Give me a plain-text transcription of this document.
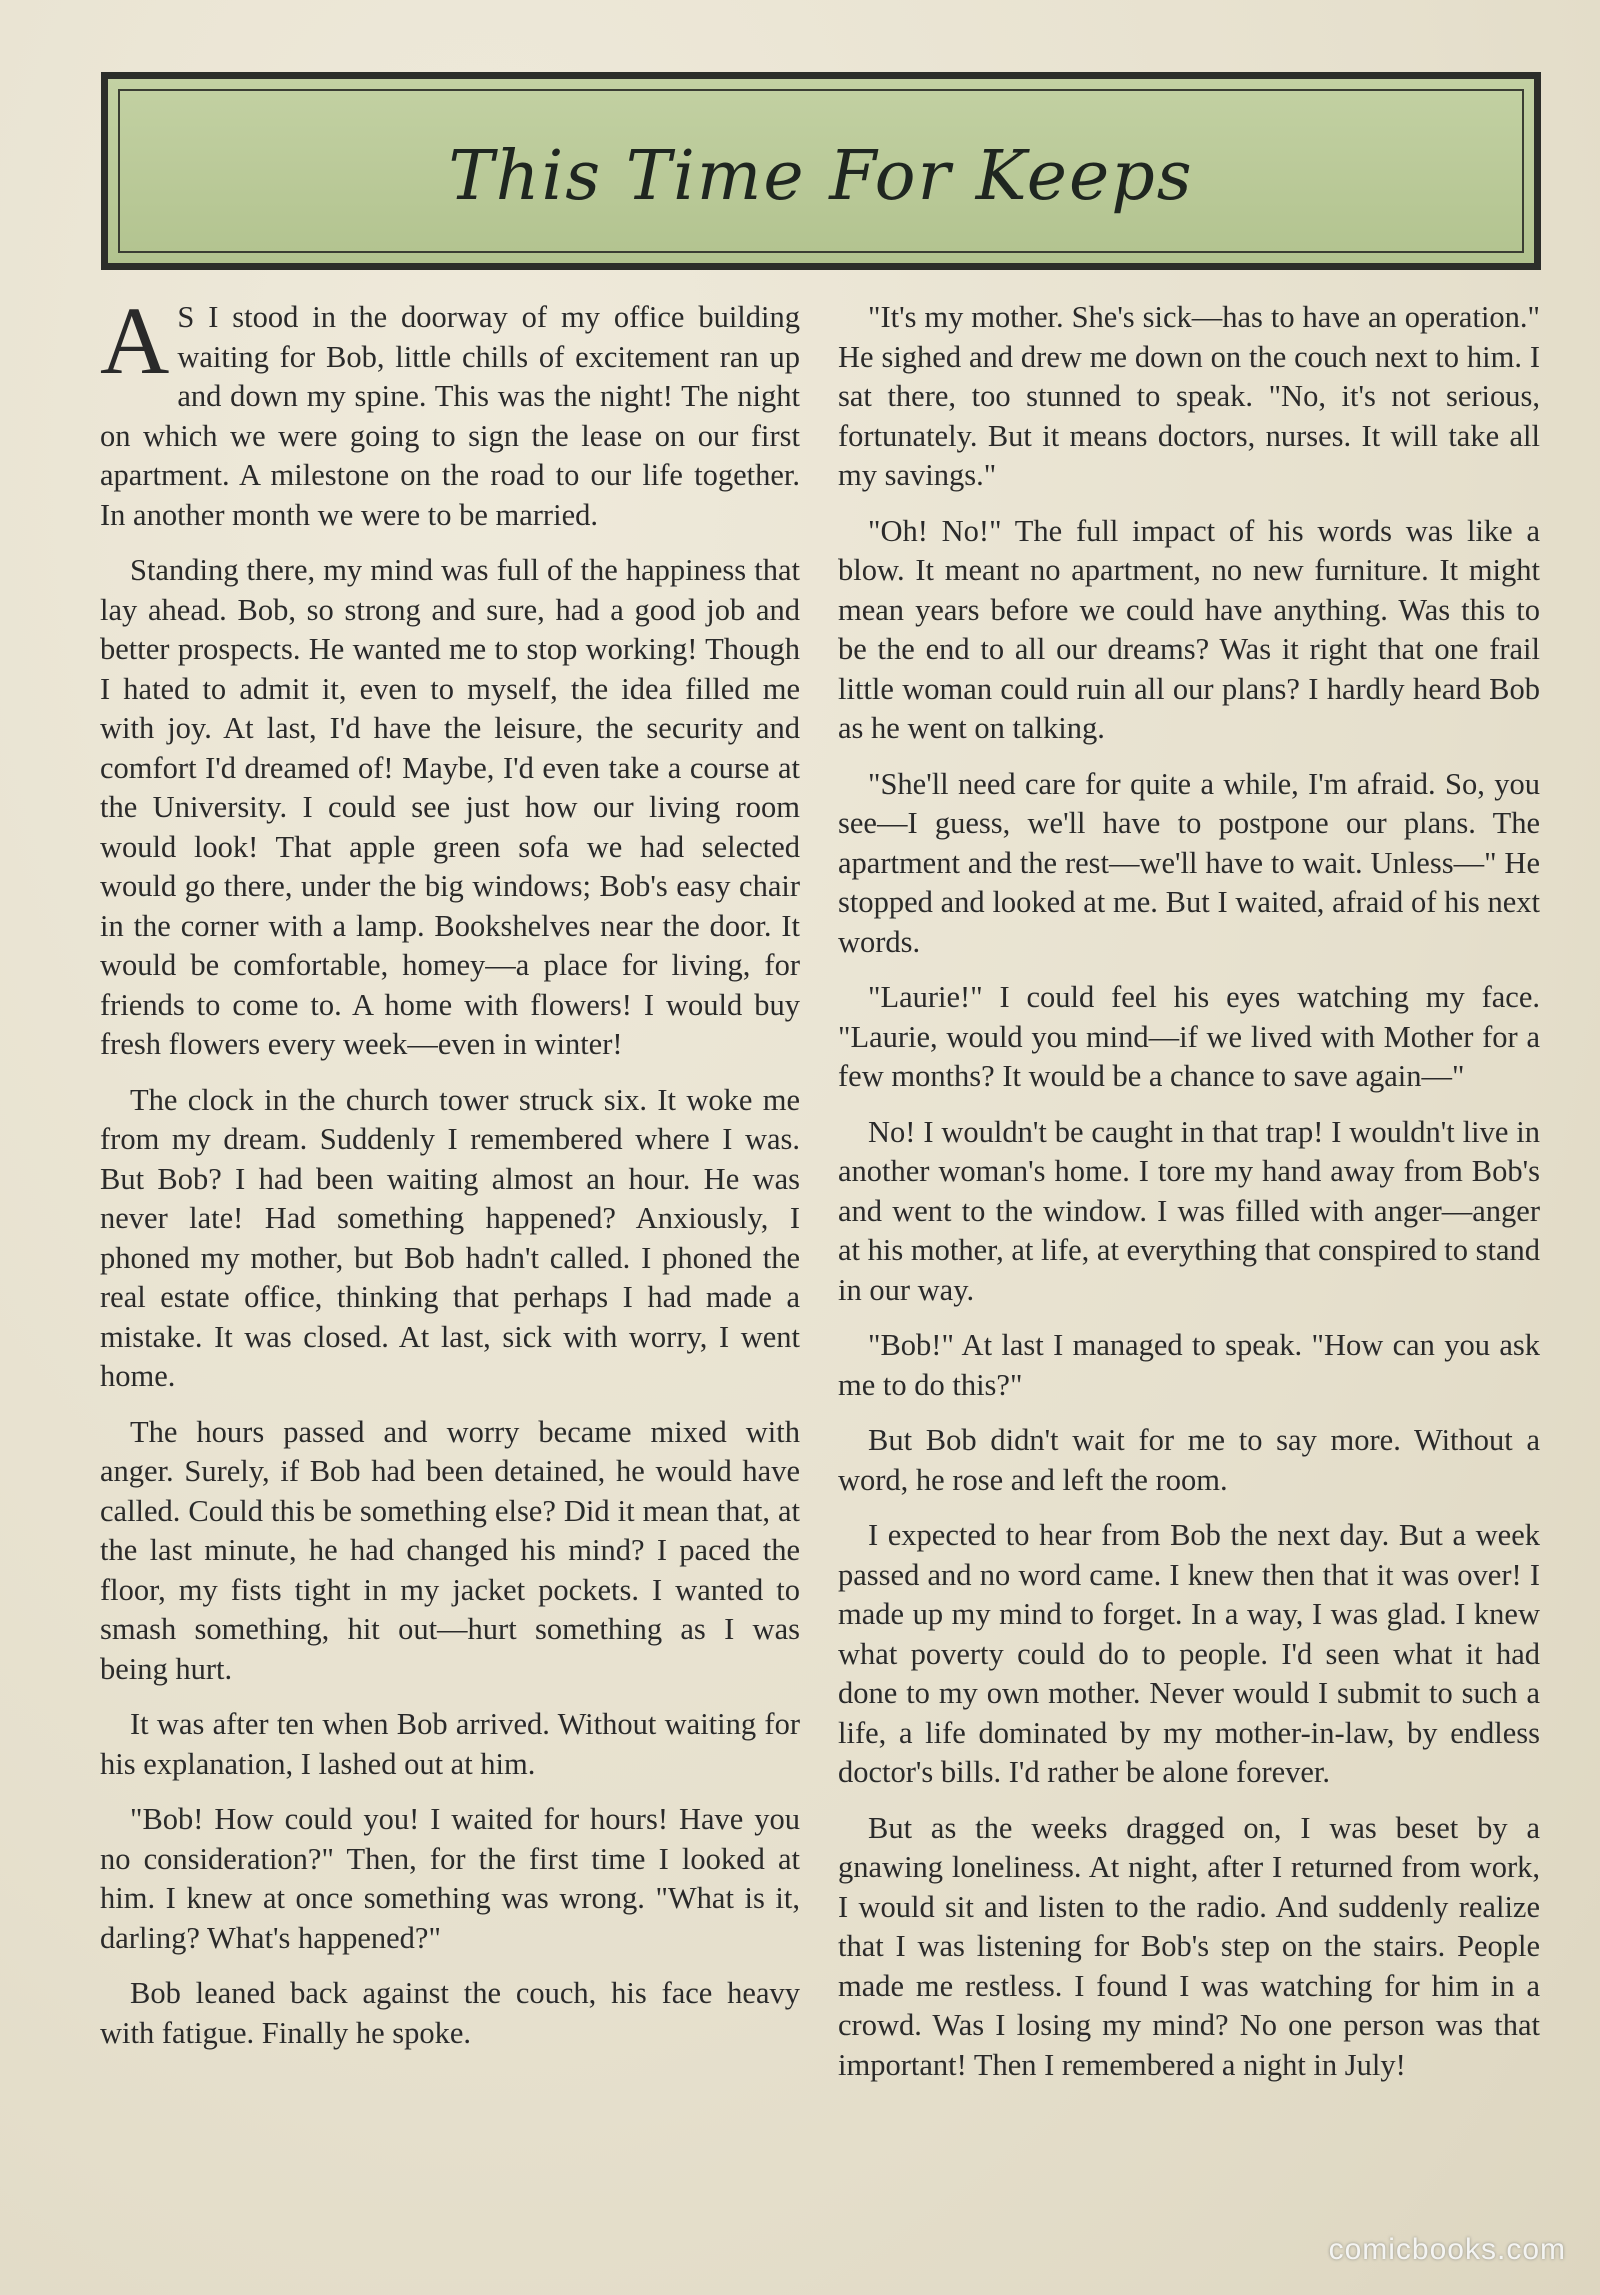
This Time For Keeps

A S I stood in the doorway of my office building waiting for Bob, little chills of excitement ran up and down my spine. This was the night! The night on which we were going to sign the lease on our first apartment. A milestone on the road to our life together. In another month we were to be married.

Standing there, my mind was full of the happiness that lay ahead. Bob, so strong and sure, had a good job and better prospects. He wanted me to stop working! Though I hated to admit it, even to myself, the idea filled me with joy. At last, I'd have the leisure, the security and comfort I'd dreamed of! Maybe, I'd even take a course at the University. I could see just how our living room would look! That apple green sofa we had selected would go there, under the big windows; Bob's easy chair in the corner with a lamp. Bookshelves near the door. It would be comfortable, homey—a place for living, for friends to come to. A home with flowers! I would buy fresh flowers every week—even in winter!

The clock in the church tower struck six. It woke me from my dream. Suddenly I remembered where I was. But Bob? I had been waiting almost an hour. He was never late! Had something happened? Anxiously, I phoned my mother, but Bob hadn't called. I phoned the real estate office, thinking that perhaps I had made a mistake. It was closed. At last, sick with worry, I went home.

The hours passed and worry became mixed with anger. Surely, if Bob had been detained, he would have called. Could this be something else? Did it mean that, at the last minute, he had changed his mind? I paced the floor, my fists tight in my jacket pockets. I wanted to smash something, hit out—hurt something as I was being hurt.

It was after ten when Bob arrived. Without waiting for his explanation, I lashed out at him.

"Bob! How could you! I waited for hours! Have you no consideration?" Then, for the first time I looked at him. I knew at once something was wrong. "What is it, darling? What's happened?"

Bob leaned back against the couch, his face heavy with fatigue. Finally he spoke.

"It's my mother. She's sick—has to have an operation." He sighed and drew me down on the couch next to him. I sat there, too stunned to speak. "No, it's not serious, fortunately. But it means doctors, nurses. It will take all my savings."

"Oh! No!" The full impact of his words was like a blow. It meant no apartment, no new furniture. It might mean years before we could have anything. Was this to be the end to all our dreams? Was it right that one frail little woman could ruin all our plans? I hardly heard Bob as he went on talking.

"She'll need care for quite a while, I'm afraid. So, you see—I guess, we'll have to postpone our plans. The apartment and the rest—we'll have to wait. Unless—" He stopped and looked at me. But I waited, afraid of his next words.

"Laurie!" I could feel his eyes watching my face. "Laurie, would you mind—if we lived with Mother for a few months? It would be a chance to save again—"

No! I wouldn't be caught in that trap! I wouldn't live in another woman's home. I tore my hand away from Bob's and went to the window. I was filled with anger—anger at his mother, at life, at everything that conspired to stand in our way.

"Bob!" At last I managed to speak. "How can you ask me to do this?"

But Bob didn't wait for me to say more. Without a word, he rose and left the room.

I expected to hear from Bob the next day. But a week passed and no word came. I knew then that it was over! I made up my mind to forget. In a way, I was glad. I knew what poverty could do to people. I'd seen what it had done to my own mother. Never would I submit to such a life, a life dominated by my mother-in-law, by endless doctor's bills. I'd rather be alone forever.

But as the weeks dragged on, I was beset by a gnawing loneliness. At night, after I returned from work, I would sit and listen to the radio. And suddenly realize that I was listening for Bob's step on the stairs. People made me restless. I found I was watching for him in a crowd. Was I losing my mind? No one person was that important! Then I remembered a night in July!

comicbooks.com
